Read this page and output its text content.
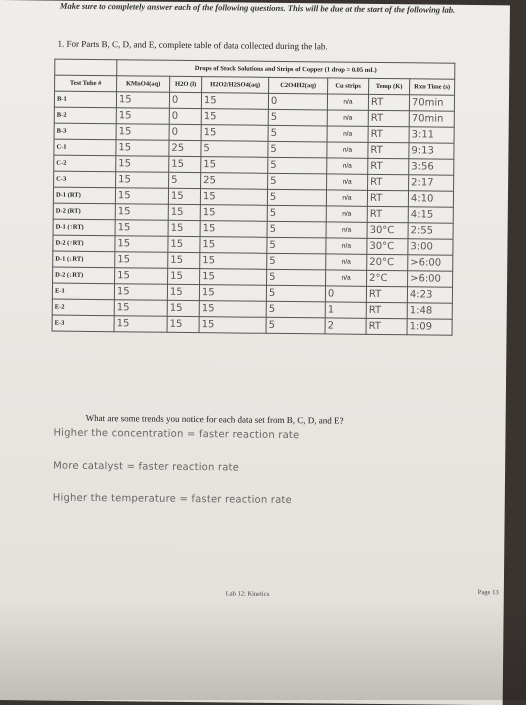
Make sure to completely answer each of the following questions. This will be due at the start of the following lab.
1. For Parts B, C, D, and E, complete table of data collected during the lab.
	Drops of Stock Solutions and Strips of Copper (1 drop = 0.05 mL)						
Test Tube #	KMnO4(aq)	H2O (l)	H2O2/H2SO4(aq)	C2O4H2(aq)	Cu strips	Temp (K)	Rxn Time (s)
B-1	15	0	15	0	n/a	RT	70min
B-2	15	0	15	5	n/a	RT	70min
B-3	15	0	15	5	n/a	RT	3:11
C-1	15	25	5	5	n/a	RT	9:13
C-2	15	15	15	5	n/a	RT	3:56
C-3	15	5	25	5	n/a	RT	2:17
D-1 (RT)	15	15	15	5	n/a	RT	4:10
D-2 (RT)	15	15	15	5	n/a	RT	4:15
D-1 (↑RT)	15	15	15	5	n/a	30°C	2:55
D-2 (↑RT)	15	15	15	5	n/a	30°C	3:00
D-1 (↓RT)	15	15	15	5	n/a	20°C	>6:00
D-2 (↓RT)	15	15	15	5	n/a	2°C	>6:00
E-1	15	15	15	5	0	RT	4:23
E-2	15	15	15	5	1	RT	1:48
E-3	15	15	15	5	2	RT	1:09
What are some trends you notice for each data set from B, C, D, and E?
Higher the concentration = faster reaction rate
More catalyst = faster reaction rate
Higher the temperature = faster reaction rate
Lab 12: Kinetics	Page 13
